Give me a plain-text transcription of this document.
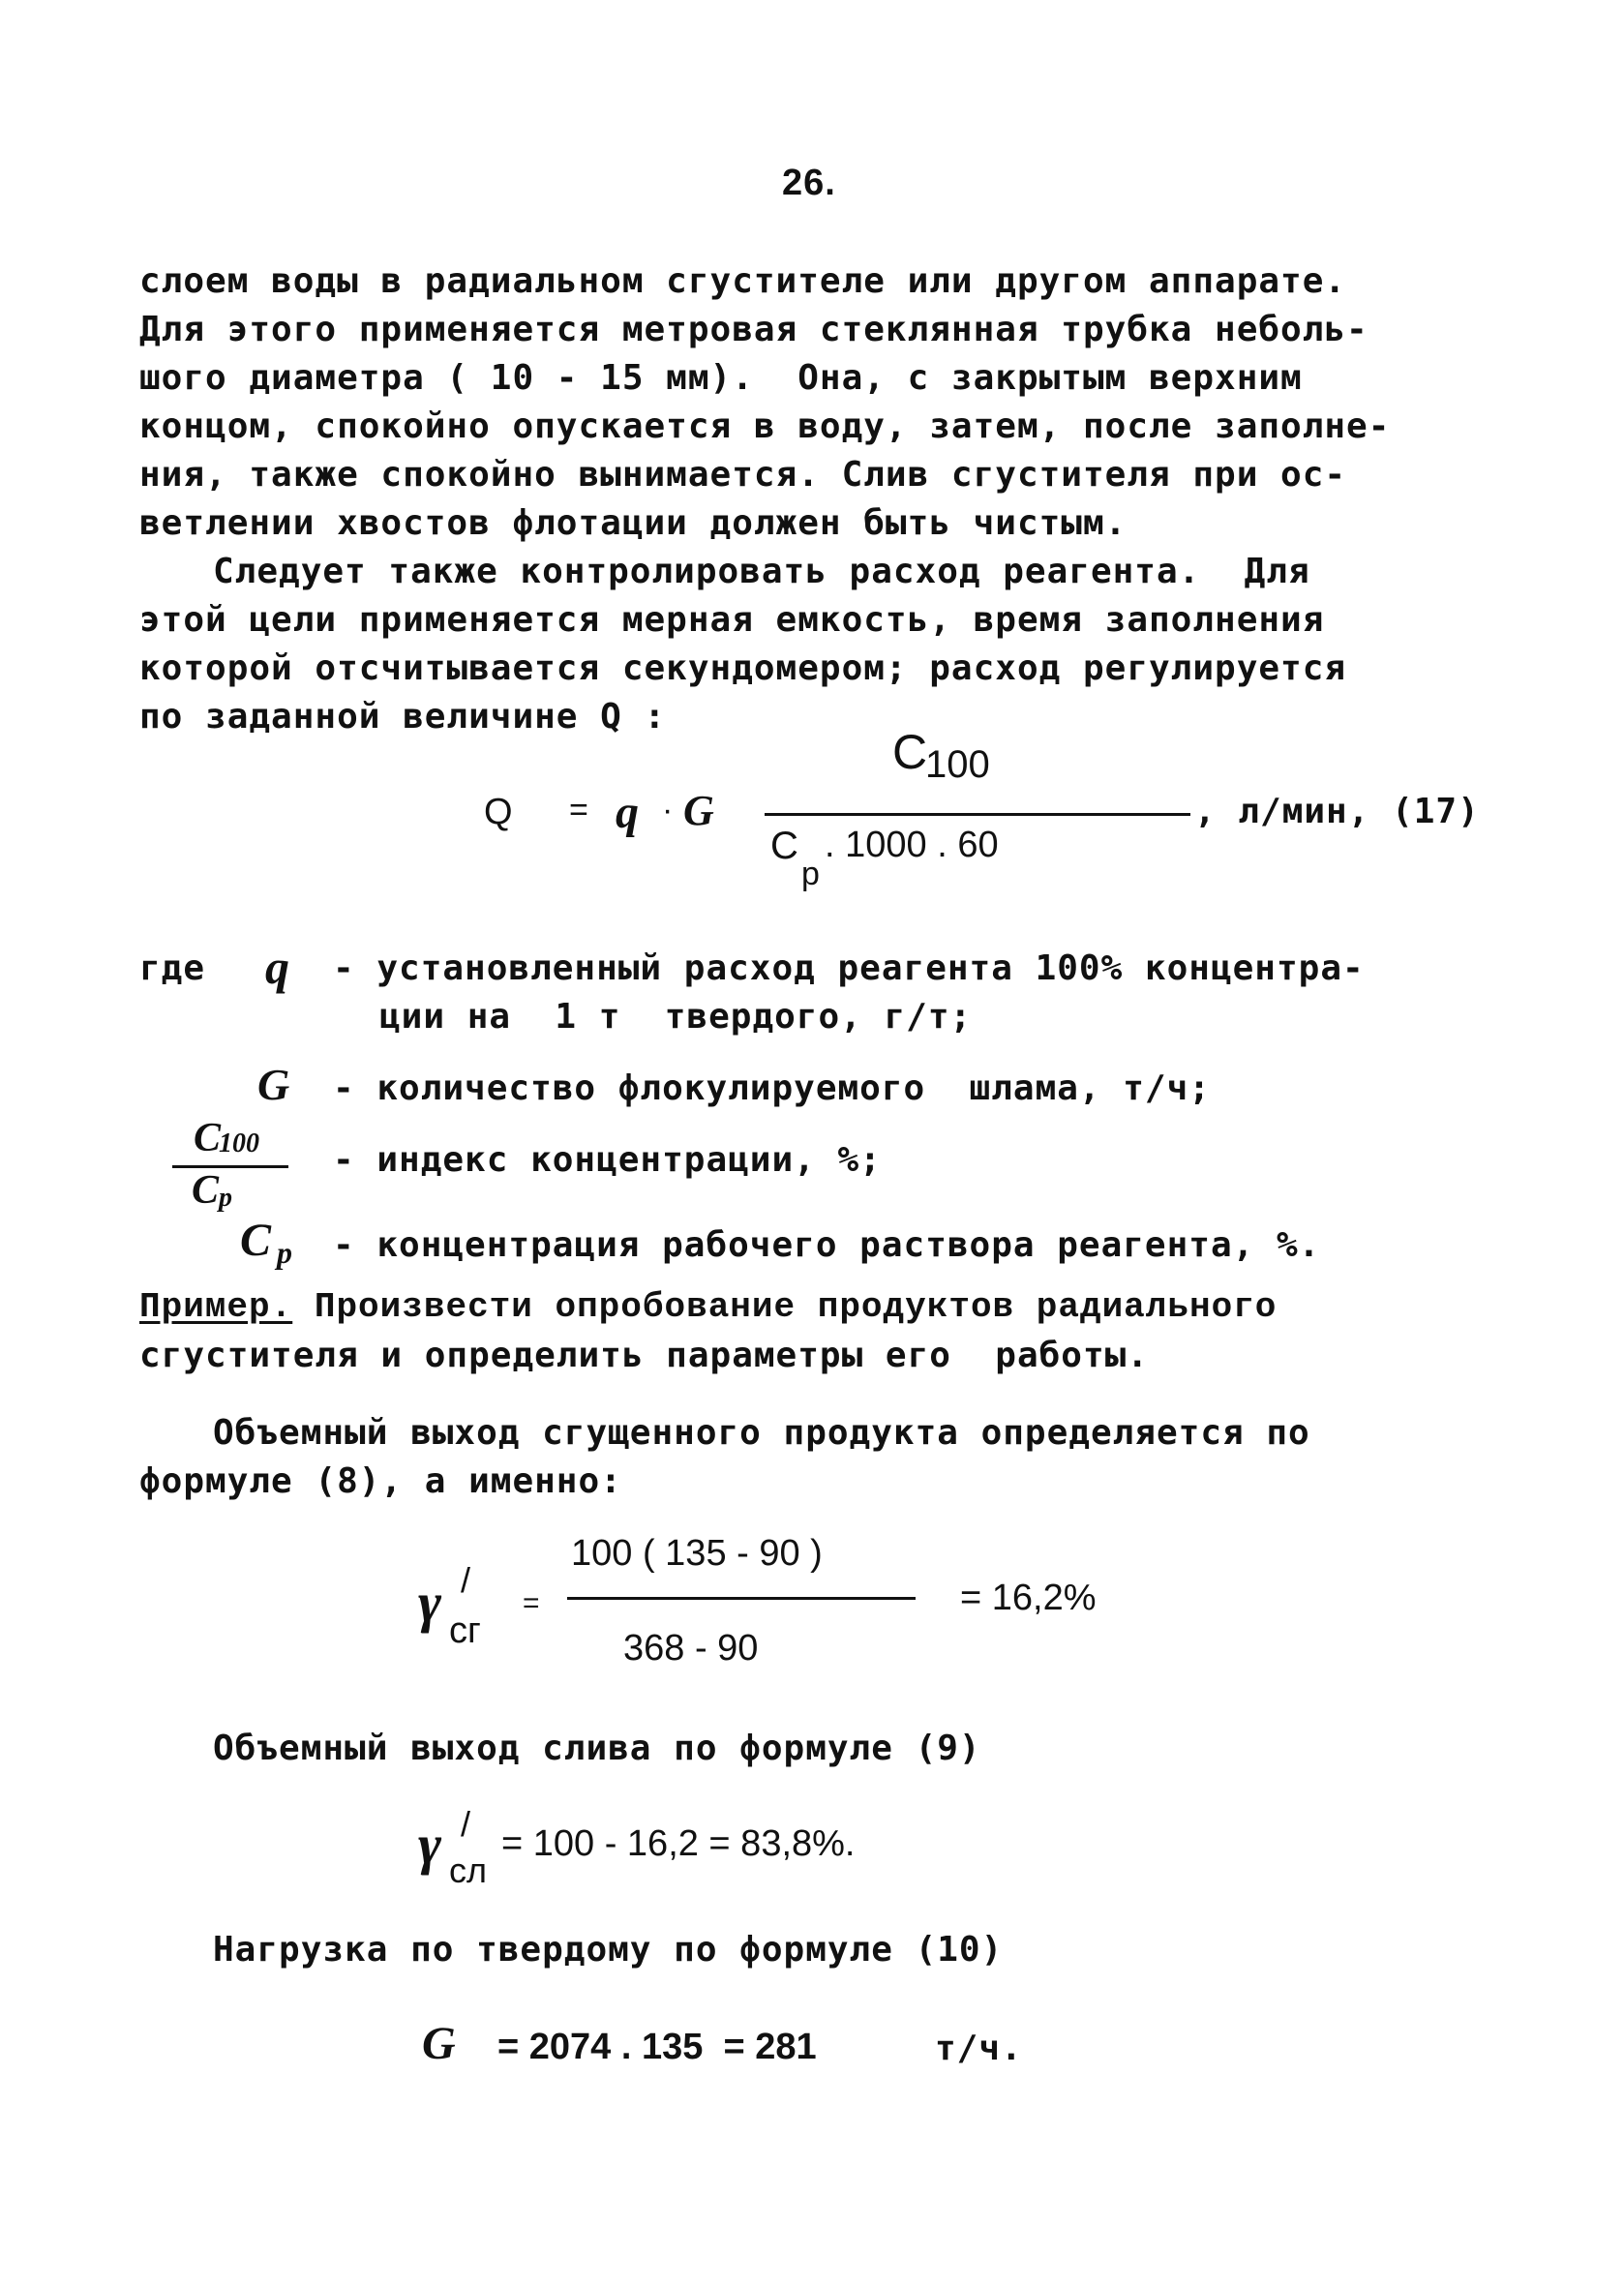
26.
слоем воды в радиальном сгустителе или другом аппарате.
Для этого применяется метровая стеклянная трубка неболь-
шого диаметра ( 10 - 15 мм).  Она, с закрытым верхним
концом, спокойно опускается в воду, затем, после заполне-
ния, также спокойно вынимается. Слив сгустителя при ос-
ветлении хвостов флотации должен быть чистым.
Следует также контролировать расход реагента.  Для
этой цели применяется мерная емкость, время заполнения
которой отсчитывается секундомером; расход регулируется
по заданной величине Q :
Q = q · G
C
100
C
p
. 1000 . 60
, л/мин, (17)
где q - установленный расход реагента 100% концентра-
ции на  1 т  твердого, г/т;
G - количество флокулируемого  шлама, т/ч;
C
100
C p
- индекс концентрации, %;
C p - концентрация рабочего раствора реагента, %.
Пример. Произвести опробование продуктов радиального
сгустителя и определить параметры его  работы.
Объемный выход сгущенного продукта определяется по
формуле (8), а именно:
γ /
сг
=
100 ( 135 - 90 )
368 - 90
= 16,2%
Объемный выход слива по формуле (9)
γ /
сл
= 100 - 16,2 = 83,8%.
Нагрузка по твердому по формуле (10)
G = 2074 . 135  = 281	т/ч.
